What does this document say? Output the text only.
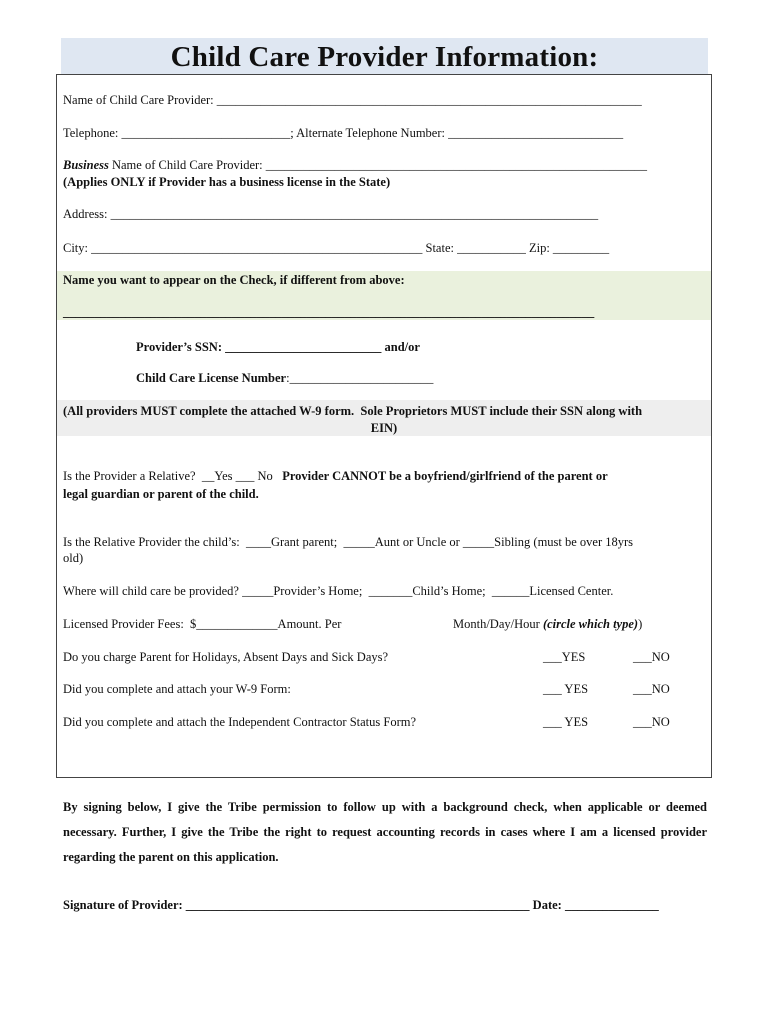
Child Care Provider Information:
Name of Child Care Provider: ____________________________________________________________________
Telephone: ___________________________; Alternate Telephone Number: ____________________________
Business Name of Child Care Provider: _____________________________________________________________
(Applies ONLY if Provider has a business license in the State)
Address: ______________________________________________________________________________
City: _____________________________________________________ State: ___________ Zip: _________
Name you want to appear on the Check, if different from above:
_____________________________________________________________________________________
Provider’s SSN: _________________________ and/or
Child Care License Number:_______________________
(All providers MUST complete the attached W-9 form.  Sole Proprietors MUST include their SSN along with
EIN)
Is the Provider a Relative?  __Yes ___ No   Provider CANNOT be a boyfriend/girlfriend of the parent or
legal guardian or parent of the child.
Is the Relative Provider the child’s:  ____Grant parent;  _____Aunt or Uncle or _____Sibling (must be over 18yrs
old)
Where will child care be provided? _____Provider’s Home;  _______Child’s Home;  ______Licensed Center.
Licensed Provider Fees:  $_____________Amount. Per	Month/Day/Hour (circle which type))
Do you charge Parent for Holidays, Absent Days and Sick Days?	___YES	___NO
Did you complete and attach your W-9 Form:	___ YES	___NO
Did you complete and attach the Independent Contractor Status Form?	___ YES	___NO
By signing below, I give the Tribe permission to follow up with a background check, when applicable or deemed necessary. Further, I give the Tribe the right to request accounting records in cases where I am a licensed provider regarding the parent on this application.
Signature of Provider: _______________________________________________________ Date: _______________
